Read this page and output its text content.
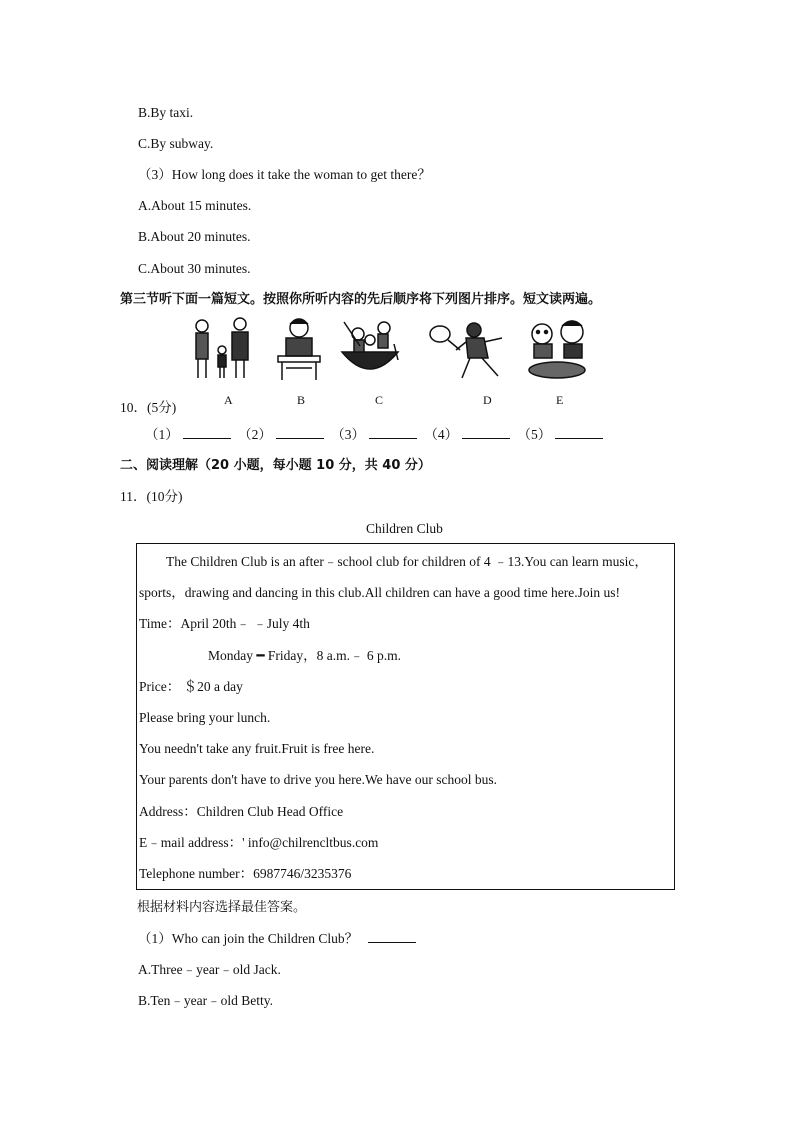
B.By taxi.
C.By subway.
（3）How long does it take the woman to get there？
A.About 15 minutes.
B.About 20 minutes.
C.About 30 minutes.
第三节听下面一篇短文。按照你所听内容的先后顺序将下列图片排序。短文读两遍。
A	B	C	D	E
10．(5分)
（1）	（2）	（3）	（4）	（5）
二、阅读理解（20 小题，每小题 10 分，共 40 分）
11．(10分)
Children Club
The Children Club is an after﹣school club for children of 4 ﹣13.You can learn music，
sports，drawing and dancing in this club.All children can have a good time here.Join us!
Time：April 20th﹣ ﹣July 4th
Monday ━ Friday，8 a.m.﹣ 6 p.m.
Price： ＄20 a day
Please bring your lunch.
You needn't take any fruit.Fruit is free here.
Your parents don't have to drive you here.We have our school bus.
Address：Children Club Head Office
E﹣mail address：' info@chilrencltbus.com
Telephone number：6987746/3235376
根据材料内容选择最佳答案。
（1）Who can join the Children Club？
A.Three﹣year﹣old Jack.
B.Ten﹣year﹣old Betty.
